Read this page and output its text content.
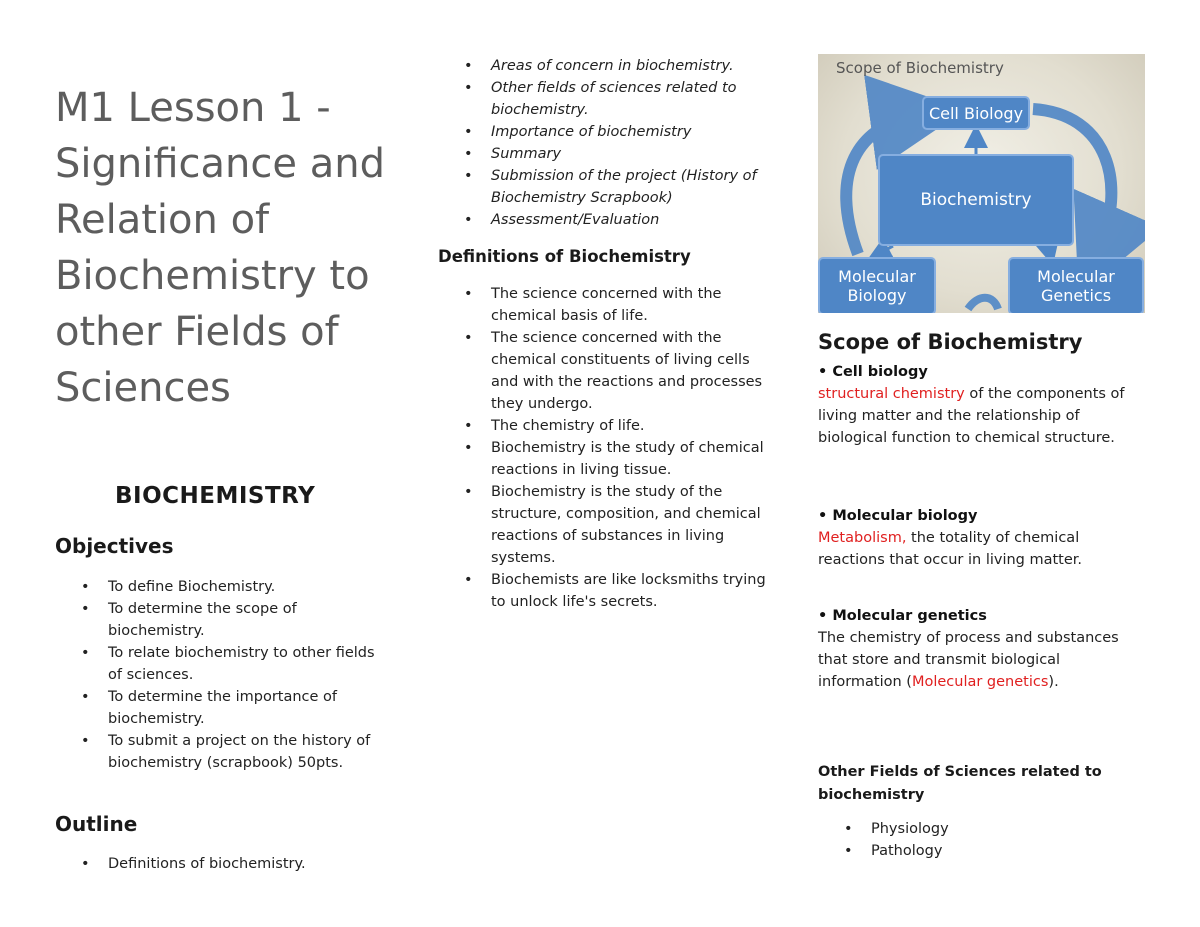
M1 Lesson 1 - Significance and Relation of Biochemistry to other Fields of Sciences
BIOCHEMISTRY
Objectives
• To define Biochemistry.
• To determine the scope of biochemistry.
• To relate biochemistry to other fields of sciences.
• To determine the importance of biochemistry.
• To submit a project on the history of biochemistry (scrapbook) 50pts.
Outline
• Definitions of biochemistry.
• Areas of concern in biochemistry.
• Other fields of sciences related to biochemistry.
• Importance of biochemistry
• Summary
• Submission of the project (History of Biochemistry Scrapbook)
• Assessment/Evaluation
Definitions of Biochemistry
• The science concerned with the chemical basis of life.
• The science concerned with the chemical constituents of living cells and with the reactions and processes they undergo.
• The chemistry of life.
• Biochemistry is the study of chemical reactions in living tissue.
• Biochemistry is the study of the structure, composition, and chemical reactions of substances in living systems.
• Biochemists are like locksmiths trying to unlock life's secrets.
Scope of Biochemistry
Cell Biology
Biochemistry
Molecular Biology
Molecular Genetics
Scope of Biochemistry

• Cell biology
structural chemistry of the components of living matter and the relationship of biological function to chemical structure.

• Molecular biology
Metabolism, the totality of chemical reactions that occur in living matter.

• Molecular genetics
The chemistry of process and substances that store and transmit biological information (Molecular genetics).

Other Fields of Sciences related to biochemistry
• Physiology
• Pathology
